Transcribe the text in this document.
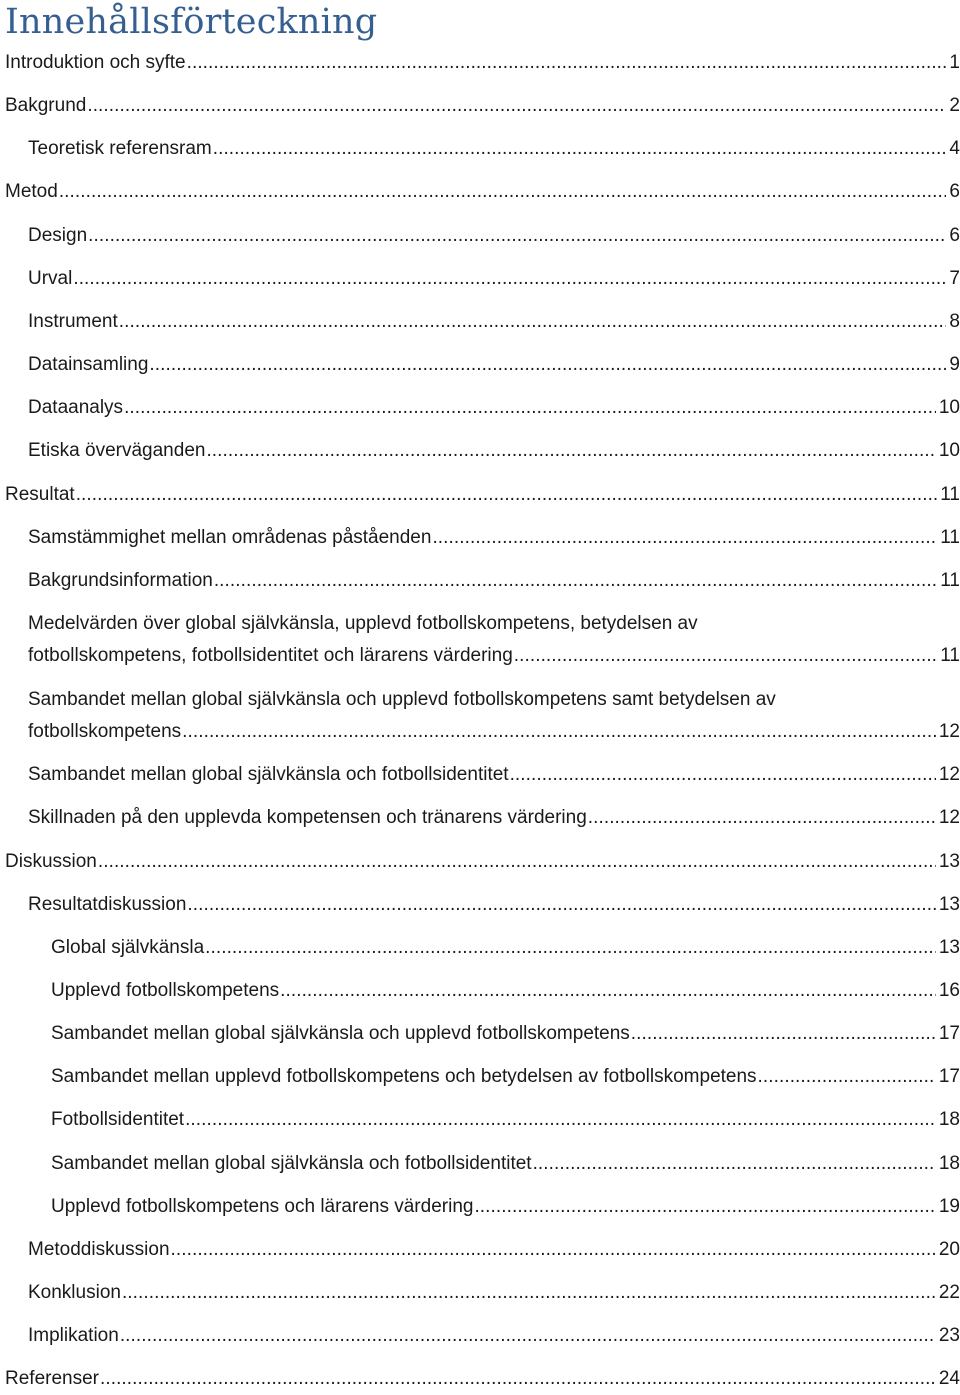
Innehållsförteckning
Introduktion och syfte . . .	1
Bakgrund . . .	2
Teoretisk referensram . . .	4
Metod . . .	6
Design . . .	6
Urval . . .	7
Instrument . . .	8
Datainsamling . . .	9
Dataanalys . . .	10
Etiska överväganden . . .	10
Resultat . . .	11
Samstämmighet mellan områdenas påståenden . . .	11
Bakgrundsinformation . . .	11
Medelvärden över global självkänsla, upplevd fotbollskompetens, betydelsen av
fotbollskompetens, fotbollsidentitet och lärarens värdering . . .	11
Sambandet mellan global självkänsla och upplevd fotbollskompetens samt betydelsen av
fotbollskompetens . . .	12
Sambandet mellan global självkänsla och fotbollsidentitet . . .	12
Skillnaden på den upplevda kompetensen och tränarens värdering . . .	12
Diskussion . . .	13
Resultatdiskussion . . .	13
Global självkänsla . . .	13
Upplevd fotbollskompetens . . .	16
Sambandet mellan global självkänsla och upplevd fotbollskompetens . . .	17
Sambandet mellan upplevd fotbollskompetens och betydelsen av fotbollskompetens . . .	17
Fotbollsidentitet . . .	18
Sambandet mellan global självkänsla och fotbollsidentitet . . .	18
Upplevd fotbollskompetens och lärarens värdering . . .	19
Metoddiskussion . . .	20
Konklusion . . .	22
Implikation . . .	23
Referenser . . .	24
